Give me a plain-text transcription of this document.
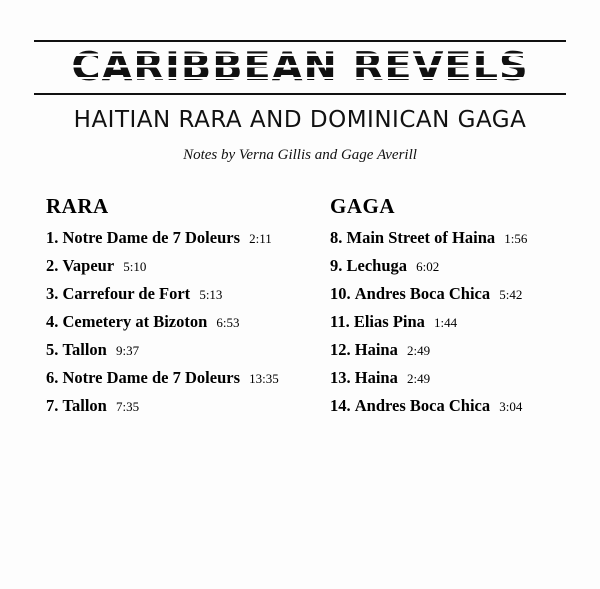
CARIBBEAN REVELS
HAITIAN RARA AND DOMINICAN GAGA
Notes by Verna Gillis and Gage Averill
RARA
1. Notre Dame de 7 Doleurs 2:11
2. Vapeur 5:10
3. Carrefour de Fort 5:13
4. Cemetery at Bizoton 6:53
5. Tallon 9:37
6. Notre Dame de 7 Doleurs 13:35
7. Tallon 7:35
GAGA
8. Main Street of Haina 1:56
9. Lechuga 6:02
10. Andres Boca Chica 5:42
11. Elias Pina 1:44
12. Haina 2:49
13. Haina 2:49
14. Andres Boca Chica 3:04
